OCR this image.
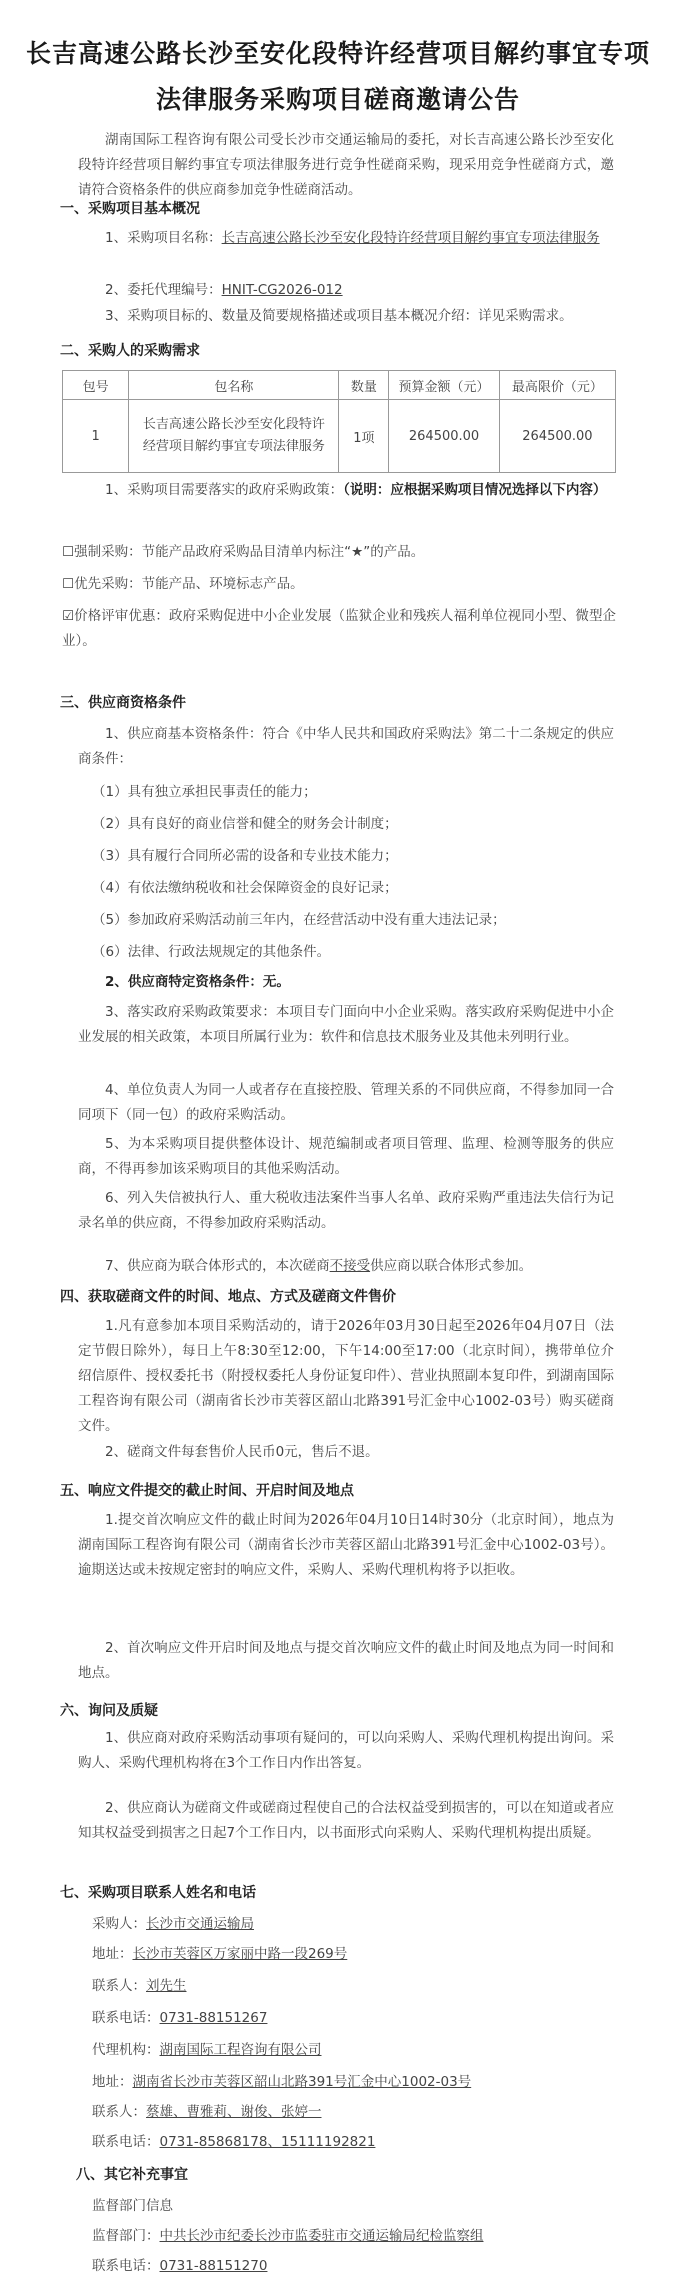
长吉高速公路长沙至安化段特许经营项目解约事宜专项
法律服务采购项目磋商邀请公告

湖南国际工程咨询有限公司受长沙市交通运输局的委托，对长吉高速公路长沙至安化段特许经营项目解约事宜专项法律服务进行竞争性磋商采购，现采用竞争性磋商方式，邀请符合资格条件的供应商参加竞争性磋商活动。

一、采购项目基本概况

1、采购项目名称：长吉高速公路长沙至安化段特许经营项目解约事宜专项法律服务

2、委托代理编号：HNIT-CG2026-012

3、采购项目标的、数量及简要规格描述或项目基本概况介绍：详见采购需求。

二、采购人的采购需求

包号	包名称	数量	预算金额（元）	最高限价（元）
1	长吉高速公路长沙至安化段特许经营项目解约事宜专项法律服务	1项	264500.00	264500.00

1、采购项目需要落实的政府采购政策：（说明：应根据采购项目情况选择以下内容）

☐强制采购：节能产品政府采购品目清单内标注“★”的产品。

☐优先采购：节能产品、环境标志产品。

☑价格评审优惠：政府采购促进中小企业发展（监狱企业和残疾人福利单位视同小型、微型企业）。

三、供应商资格条件

1、供应商基本资格条件：符合《中华人民共和国政府采购法》第二十二条规定的供应商条件：

（1）具有独立承担民事责任的能力；

（2）具有良好的商业信誉和健全的财务会计制度；

（3）具有履行合同所必需的设备和专业技术能力；

（4）有依法缴纳税收和社会保障资金的良好记录；

（5）参加政府采购活动前三年内，在经营活动中没有重大违法记录；

（6）法律、行政法规规定的其他条件。

2、供应商特定资格条件：无。

3、落实政府采购政策要求：本项目专门面向中小企业采购。落实政府采购促进中小企业发展的相关政策，本项目所属行业为：软件和信息技术服务业及其他未列明行业。

4、单位负责人为同一人或者存在直接控股、管理关系的不同供应商，不得参加同一合同项下（同一包）的政府采购活动。

5、为本采购项目提供整体设计、规范编制或者项目管理、监理、检测等服务的供应商，不得再参加该采购项目的其他采购活动。

6、列入失信被执行人、重大税收违法案件当事人名单、政府采购严重违法失信行为记录名单的供应商，不得参加政府采购活动。

7、供应商为联合体形式的，本次磋商不接受供应商以联合体形式参加。

四、获取磋商文件的时间、地点、方式及磋商文件售价

1.凡有意参加本项目采购活动的，请于2026年03月30日起至2026年04月07日（法定节假日除外），每日上午8:30至12:00，下午14:00至17:00（北京时间），携带单位介绍信原件、授权委托书（附授权委托人身份证复印件）、营业执照副本复印件，到湖南国际工程咨询有限公司（湖南省长沙市芙蓉区韶山北路391号汇金中心1002-03号）购买磋商文件。

2、磋商文件每套售价人民币0元，售后不退。

五、响应文件提交的截止时间、开启时间及地点

1.提交首次响应文件的截止时间为2026年04月10日14时30分（北京时间），地点为湖南国际工程咨询有限公司（湖南省长沙市芙蓉区韶山北路391号汇金中心1002-03号）。逾期送达或未按规定密封的响应文件，采购人、采购代理机构将予以拒收。

2、首次响应文件开启时间及地点与提交首次响应文件的截止时间及地点为同一时间和地点。

六、询问及质疑

1、供应商对政府采购活动事项有疑问的，可以向采购人、采购代理机构提出询问。采购人、采购代理机构将在3个工作日内作出答复。

2、供应商认为磋商文件或磋商过程使自己的合法权益受到损害的，可以在知道或者应知其权益受到损害之日起7个工作日内，以书面形式向采购人、采购代理机构提出质疑。

七、采购项目联系人姓名和电话

采购人：长沙市交通运输局

地址：长沙市芙蓉区万家丽中路一段269号

联系人：刘先生

联系电话：0731-88151267

代理机构：湖南国际工程咨询有限公司

地址：湖南省长沙市芙蓉区韶山北路391号汇金中心1002-03号

联系人：蔡雄、曹雅莉、谢俊、张婷一

联系电话：0731-85868178、15111192821

八、其它补充事宜

监督部门信息

监督部门：中共长沙市纪委长沙市监委驻市交通运输局纪检监察组

联系电话：0731-88151270
